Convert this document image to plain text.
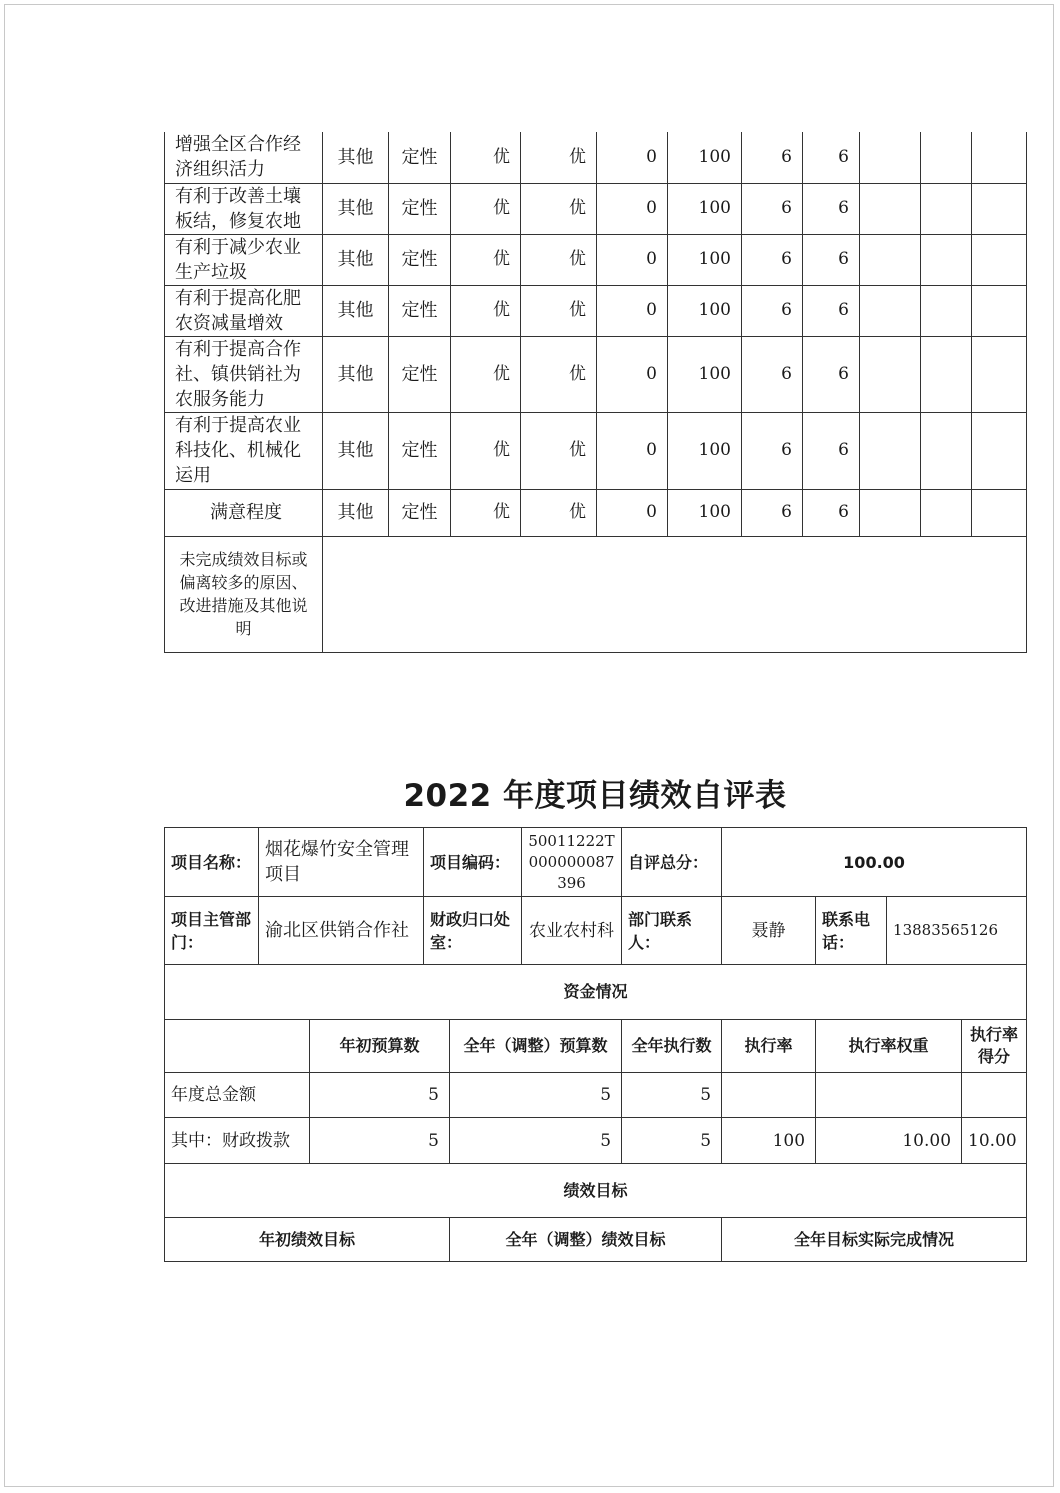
增强全区合作经济组织活力	其他	定性	优	优	0	100	6	6			
有利于改善土壤板结，修复农地	其他	定性	优	优	0	100	6	6			
有利于减少农业生产垃圾	其他	定性	优	优	0	100	6	6			
有利于提高化肥农资减量增效	其他	定性	优	优	0	100	6	6			
有利于提高合作社、镇供销社为农服务能力	其他	定性	优	优	0	100	6	6			
有利于提高农业科技化、机械化运用	其他	定性	优	优	0	100	6	6			
满意程度	其他	定性	优	优	0	100	6	6			
未完成绩效目标或偏离较多的原因、改进措施及其他说明											
2022 年度项目绩效自评表
项目名称：	烟花爆竹安全管理项目		项目编码：		50011222T000000087396	自评总分：	100.00			
项目主管部门：	渝北区供销合作社		财政归口处室：		农业农村科	部门联系人：	聂静	联系电话：	13883565126	
资金情况										
		年初预算数		全年（调整）预算数		全年执行数	执行率	执行率权重		执行率得分
年度总金额		5		5		5				
其中：财政拨款		5		5		5	100	10.00		10.00
绩效目标										
年初绩效目标				全年（调整）绩效目标			全年目标实际完成情况			
